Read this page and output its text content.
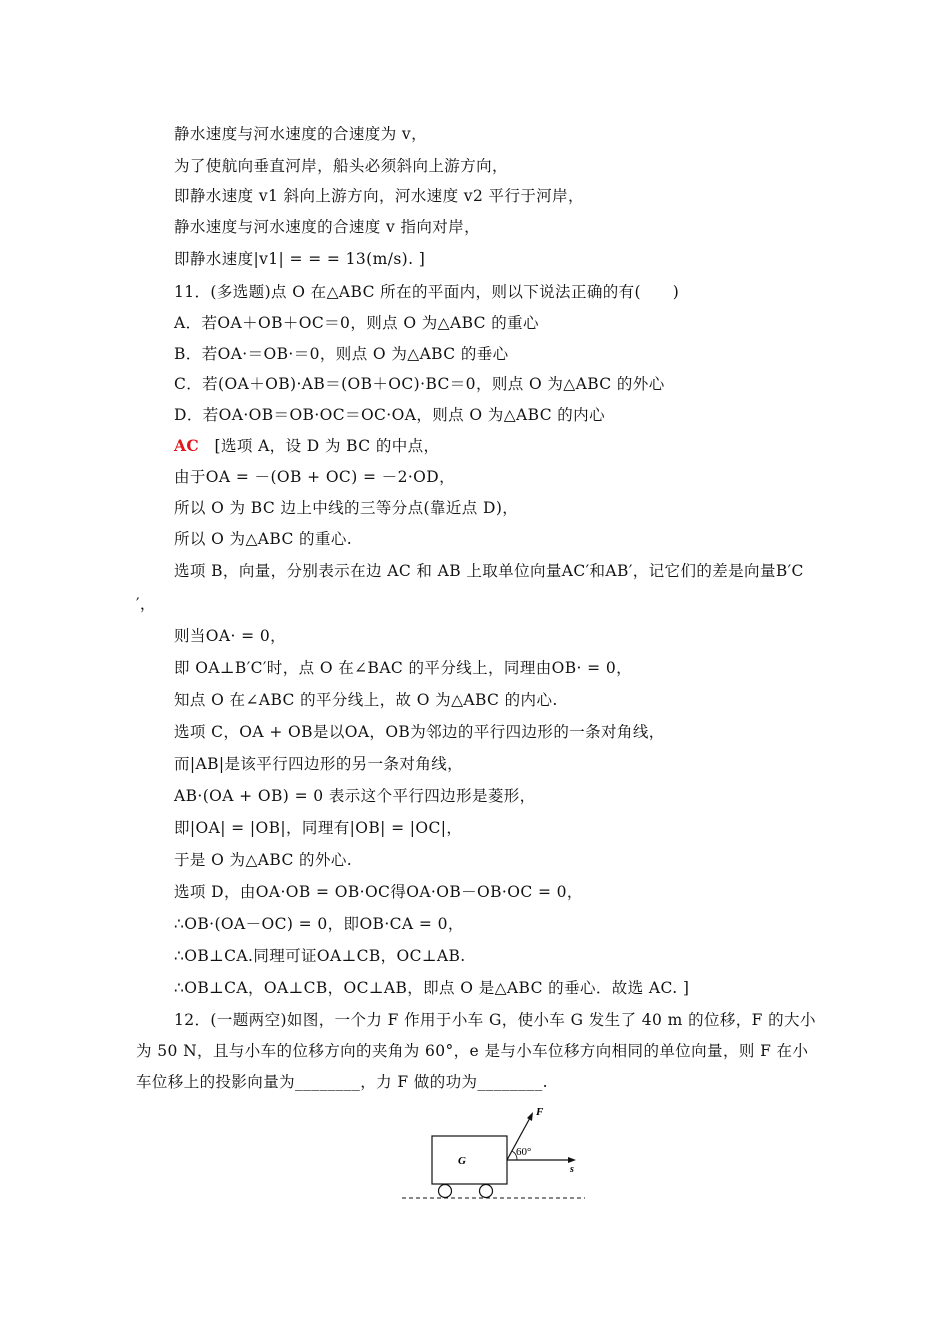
静水速度与河水速度的合速度为 v，
为了使航向垂直河岸，船头必须斜向上游方向，
即静水速度 v1 斜向上游方向，河水速度 v2 平行于河岸，
静水速度与河水速度的合速度 v 指向对岸，
即静水速度|v1| = = = 13(m/s). ]
11．(多选题)点 O 在△ABC 所在的平面内，则以下说法正确的有(　　)
A．若OA＋OB＋OC＝0，则点 O 为△ABC 的重心
B．若OA·＝OB·＝0，则点 O 为△ABC 的垂心
C．若(OA＋OB)·AB＝(OB＋OC)·BC＝0，则点 O 为△ABC 的外心
D．若OA·OB＝OB·OC＝OC·OA，则点 O 为△ABC 的内心
AC [选项 A，设 D 为 BC 的中点，
由于OA = －(OB + OC) = －2·OD，
所以 O 为 BC 边上中线的三等分点(靠近点 D)，
所以 O 为△ABC 的重心.
选项 B，向量，分别表示在边 AC 和 AB 上取单位向量AC′和AB′，记它们的差是向量B′C
′，
则当OA· = 0，
即 OA⊥B′C′时，点 O 在∠BAC 的平分线上，同理由OB· = 0，
知点 O 在∠ABC 的平分线上，故 O 为△ABC 的内心.
选项 C，OA + OB是以OA，OB为邻边的平行四边形的一条对角线，
而|AB|是该平行四边形的另一条对角线，
AB·(OA + OB) = 0 表示这个平行四边形是菱形，
即|OA| = |OB|，同理有|OB| = |OC|，
于是 O 为△ABC 的外心.
选项 D，由OA·OB = OB·OC得OA·OB－OB·OC = 0，
∴OB·(OA－OC) = 0，即OB·CA = 0，
∴OB⊥CA.同理可证OA⊥CB，OC⊥AB.
∴OB⊥CA，OA⊥CB，OC⊥AB，即点 O 是△ABC 的垂心．故选 AC. ]
12．(一题两空)如图，一个力 F 作用于小车 G，使小车 G 发生了 40 m 的位移，F 的大小
为 50 N，且与小车的位移方向的夹角为 60°，e 是与小车位移方向相同的单位向量，则 F 在小
车位移上的投影向量为________，力 F 做的功为________.
F
G
60°
s
